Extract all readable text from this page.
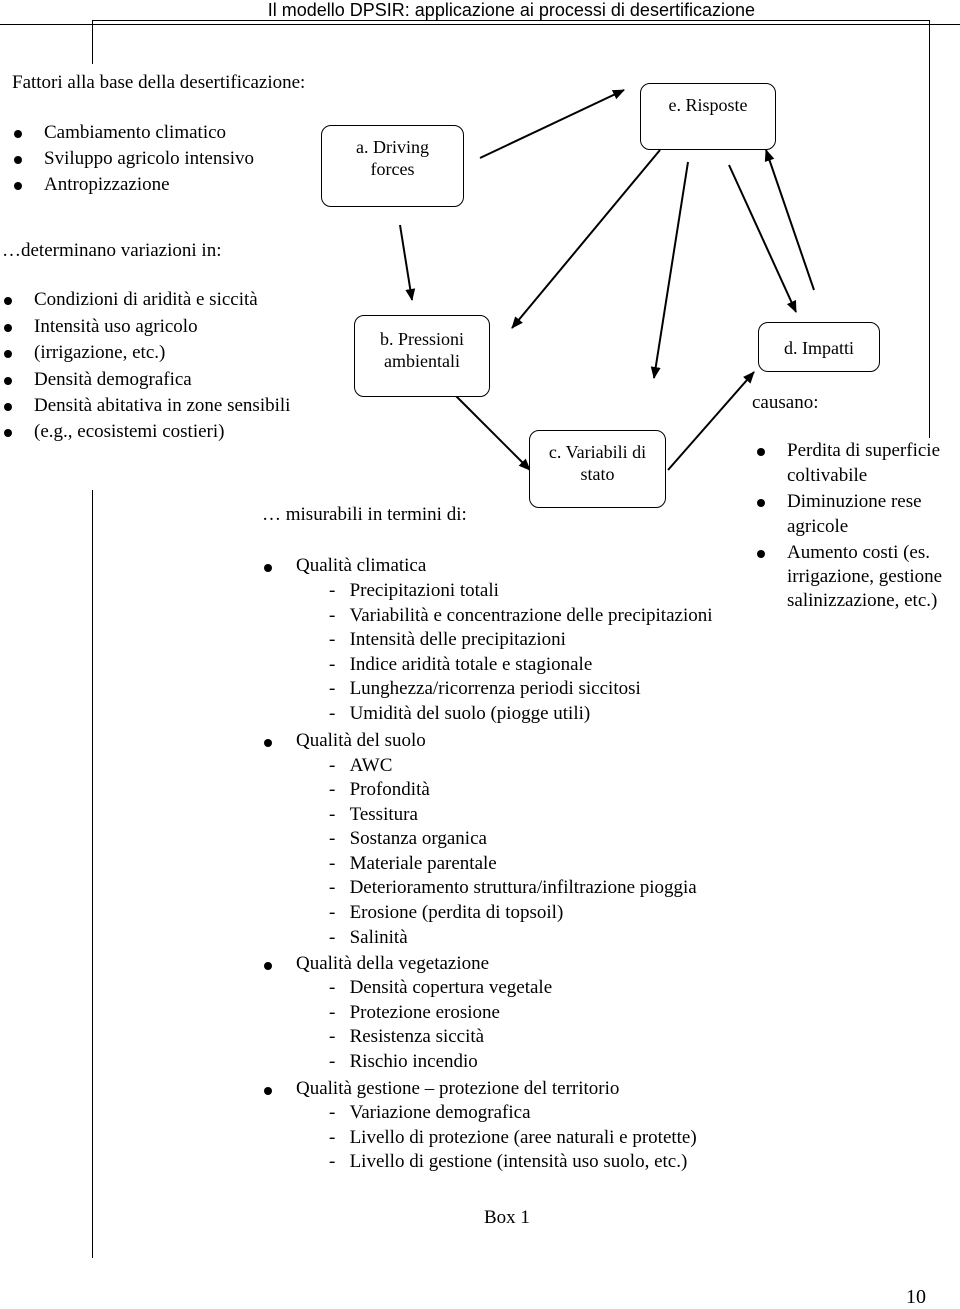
Il modello DPSIR: applicazione ai processi di desertificazione
Fattori alla base della desertificazione:
Cambiamento climatico
Sviluppo agricolo intensivo
Antropizzazione
a. Driving
forces
e. Risposte
…determinano variazioni in:
Condizioni di aridità e siccità
Intensità uso agricolo
(irrigazione, etc.)
Densità demografica
Densità abitativa in zone sensibili
(e.g., ecosistemi costieri)
b. Pressioni
ambientali
c. Variabili di
stato
d. Impatti
causano:
Perdita di superficie
coltivabile
Diminuzione rese
agricole
Aumento costi (es.
irrigazione, gestione
salinizzazione, etc.)
… misurabili in termini di:
Qualità climatica
-   Precipitazioni totali
-   Variabilità e concentrazione delle precipitazioni
-   Intensità delle precipitazioni
-   Indice aridità totale e stagionale
-   Lunghezza/ricorrenza periodi siccitosi
-   Umidità del suolo (piogge utili)
Qualità del suolo
-   AWC
-   Profondità
-   Tessitura
-   Sostanza organica
-   Materiale parentale
-   Deterioramento struttura/infiltrazione pioggia
-   Erosione (perdita di topsoil)
-   Salinità
Qualità della vegetazione
-   Densità copertura vegetale
-   Protezione erosione
-   Resistenza siccità
-   Rischio incendio
Qualità gestione – protezione del territorio
-   Variazione demografica
-   Livello di protezione (aree naturali e protette)
-   Livello di gestione (intensità uso suolo, etc.)
Box 1
10
